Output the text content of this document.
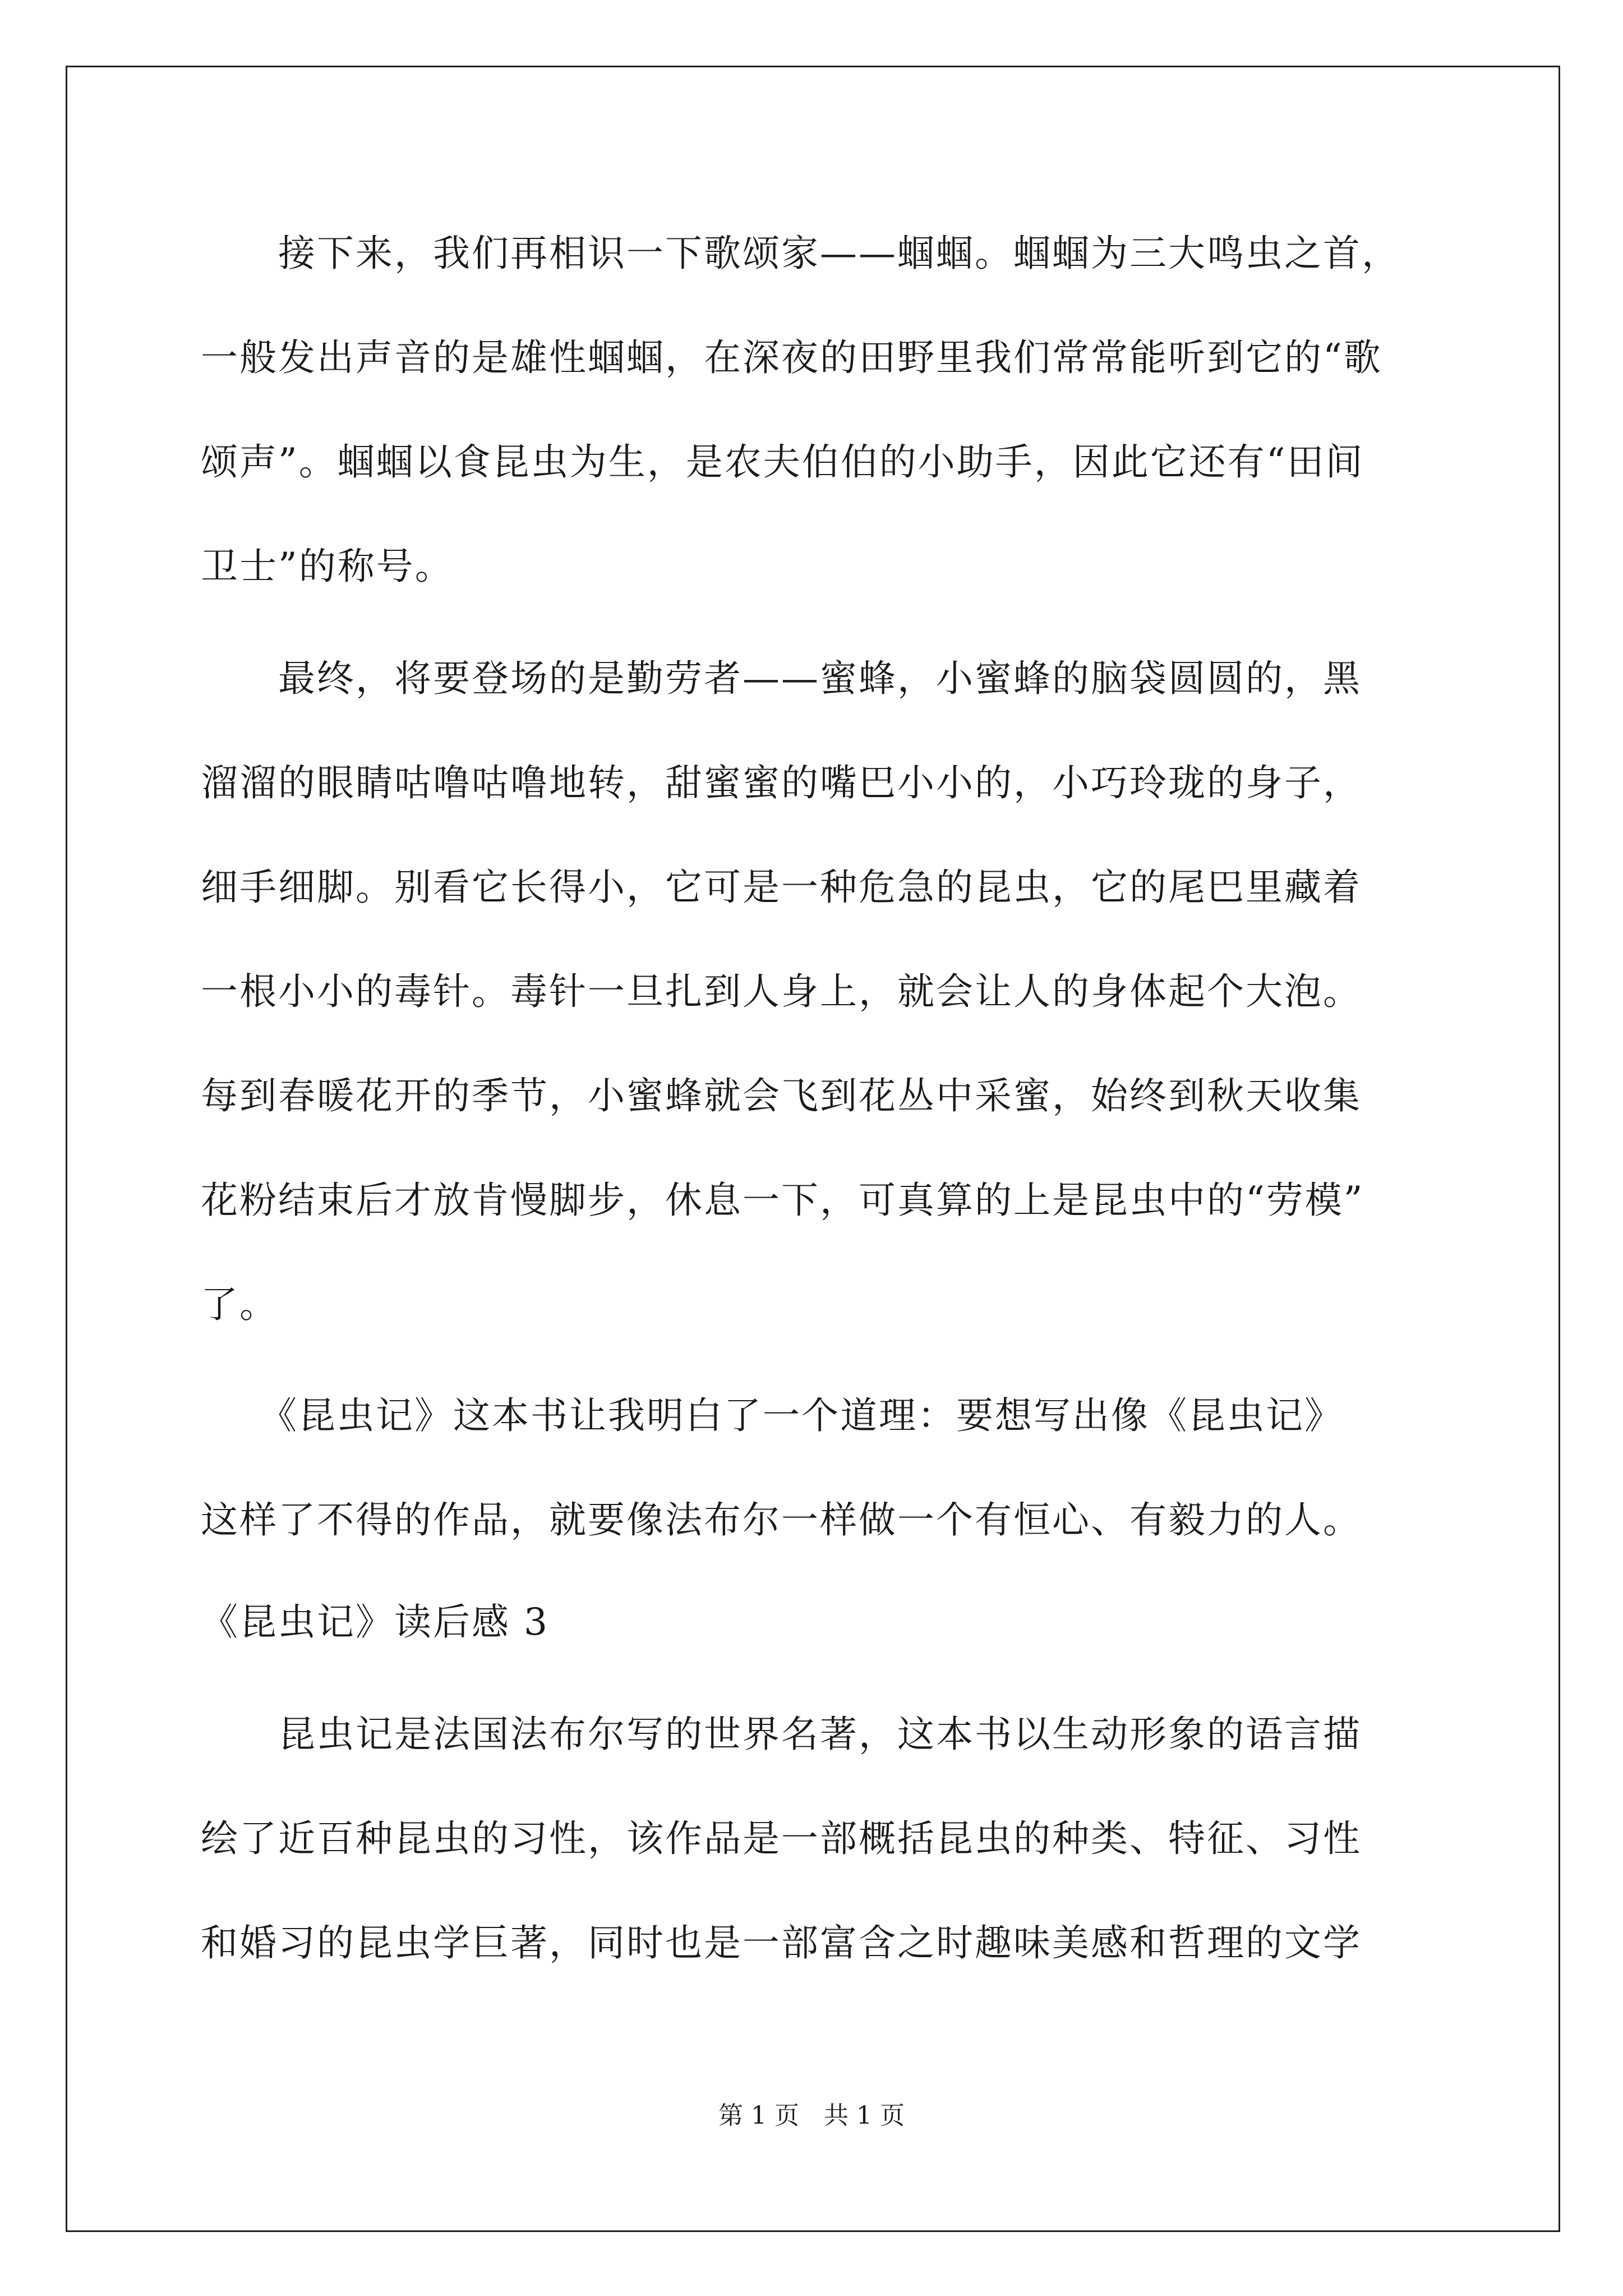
　　接下来，我们再相识一下歌颂家——蝈蝈。蝈蝈为三大鸣虫之首，
一般发出声音的是雄性蝈蝈，在深夜的田野里我们常常能听到它的“歌
颂声”。蝈蝈以食昆虫为生，是农夫伯伯的小助手，因此它还有“田间
卫士”的称号。
　　最终，将要登场的是勤劳者——蜜蜂，小蜜蜂的脑袋圆圆的，黑
溜溜的眼睛咕噜咕噜地转，甜蜜蜜的嘴巴小小的，小巧玲珑的身子，
细手细脚。别看它长得小，它可是一种危急的昆虫，它的尾巴里藏着
一根小小的毒针。毒针一旦扎到人身上，就会让人的身体起个大泡。
每到春暖花开的季节，小蜜蜂就会飞到花丛中采蜜，始终到秋天收集
花粉结束后才放肯慢脚步，休息一下，可真算的上是昆虫中的“劳模”
了。
　　《昆虫记》这本书让我明白了一个道理：要想写出像《昆虫记》
这样了不得的作品，就要像法布尔一样做一个有恒心、有毅力的人。
《昆虫记》读后感 3
　　昆虫记是法国法布尔写的世界名著，这本书以生动形象的语言描
绘了近百种昆虫的习性，该作品是一部概括昆虫的种类、特征、习性
和婚习的昆虫学巨著，同时也是一部富含之时趣味美感和哲理的文学
第 1 页　共 1 页
